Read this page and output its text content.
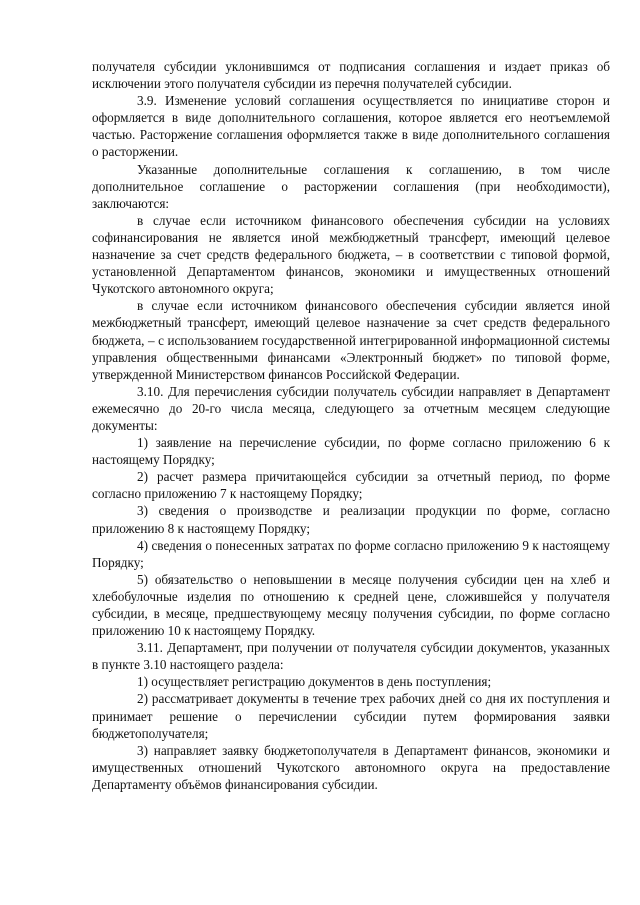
получателя субсидии уклонившимся от подписания соглашения и издает приказ об исключении этого получателя субсидии из перечня получателей субсидии.

3.9. Изменение условий соглашения осуществляется по инициативе сторон и оформляется в виде дополнительного соглашения, которое является его неотъемлемой частью. Расторжение соглашения оформляется также в виде дополнительного соглашения о расторжении.

Указанные дополнительные соглашения к соглашению, в том числе дополнительное соглашение о расторжении соглашения (при необходимости), заключаются:

в случае если источником финансового обеспечения субсидии на условиях софинансирования не является иной межбюджетный трансферт, имеющий целевое назначение за счет средств федерального бюджета, – в соответствии с типовой формой, установленной Департаментом финансов, экономики и имущественных отношений Чукотского автономного округа;

в случае если источником финансового обеспечения субсидии является иной межбюджетный трансферт, имеющий целевое назначение за счет средств федерального бюджета, – с использованием государственной интегрированной информационной системы управления общественными финансами «Электронный бюджет» по типовой форме, утвержденной Министерством финансов Российской Федерации.

3.10. Для перечисления субсидии получатель субсидии направляет в Департамент ежемесячно до 20-го числа месяца, следующего за отчетным месяцем следующие документы:

1) заявление на перечисление субсидии, по форме согласно приложению 6 к настоящему Порядку;

2) расчет размера причитающейся субсидии за отчетный период, по форме согласно приложению 7 к настоящему Порядку;

3) сведения о производстве и реализации продукции по форме, согласно приложению 8 к настоящему Порядку;

4) сведения о понесенных затратах по форме согласно приложению 9 к настоящему Порядку;

5) обязательство о неповышении в месяце получения субсидии цен на хлеб и хлебобулочные изделия по отношению к средней цене, сложившейся у получателя субсидии, в месяце, предшествующему месяцу получения субсидии, по форме согласно приложению 10 к настоящему Порядку.

3.11. Департамент, при получении от получателя субсидии документов, указанных в пункте 3.10 настоящего раздела:

1) осуществляет регистрацию документов в день поступления;

2) рассматривает документы в течение трех рабочих дней со дня их поступления и принимает решение о перечислении субсидии путем формирования заявки бюджетополучателя;

3) направляет заявку бюджетополучателя в Департамент финансов, экономики и имущественных отношений Чукотского автономного округа на предоставление Департаменту объёмов финансирования субсидии.
